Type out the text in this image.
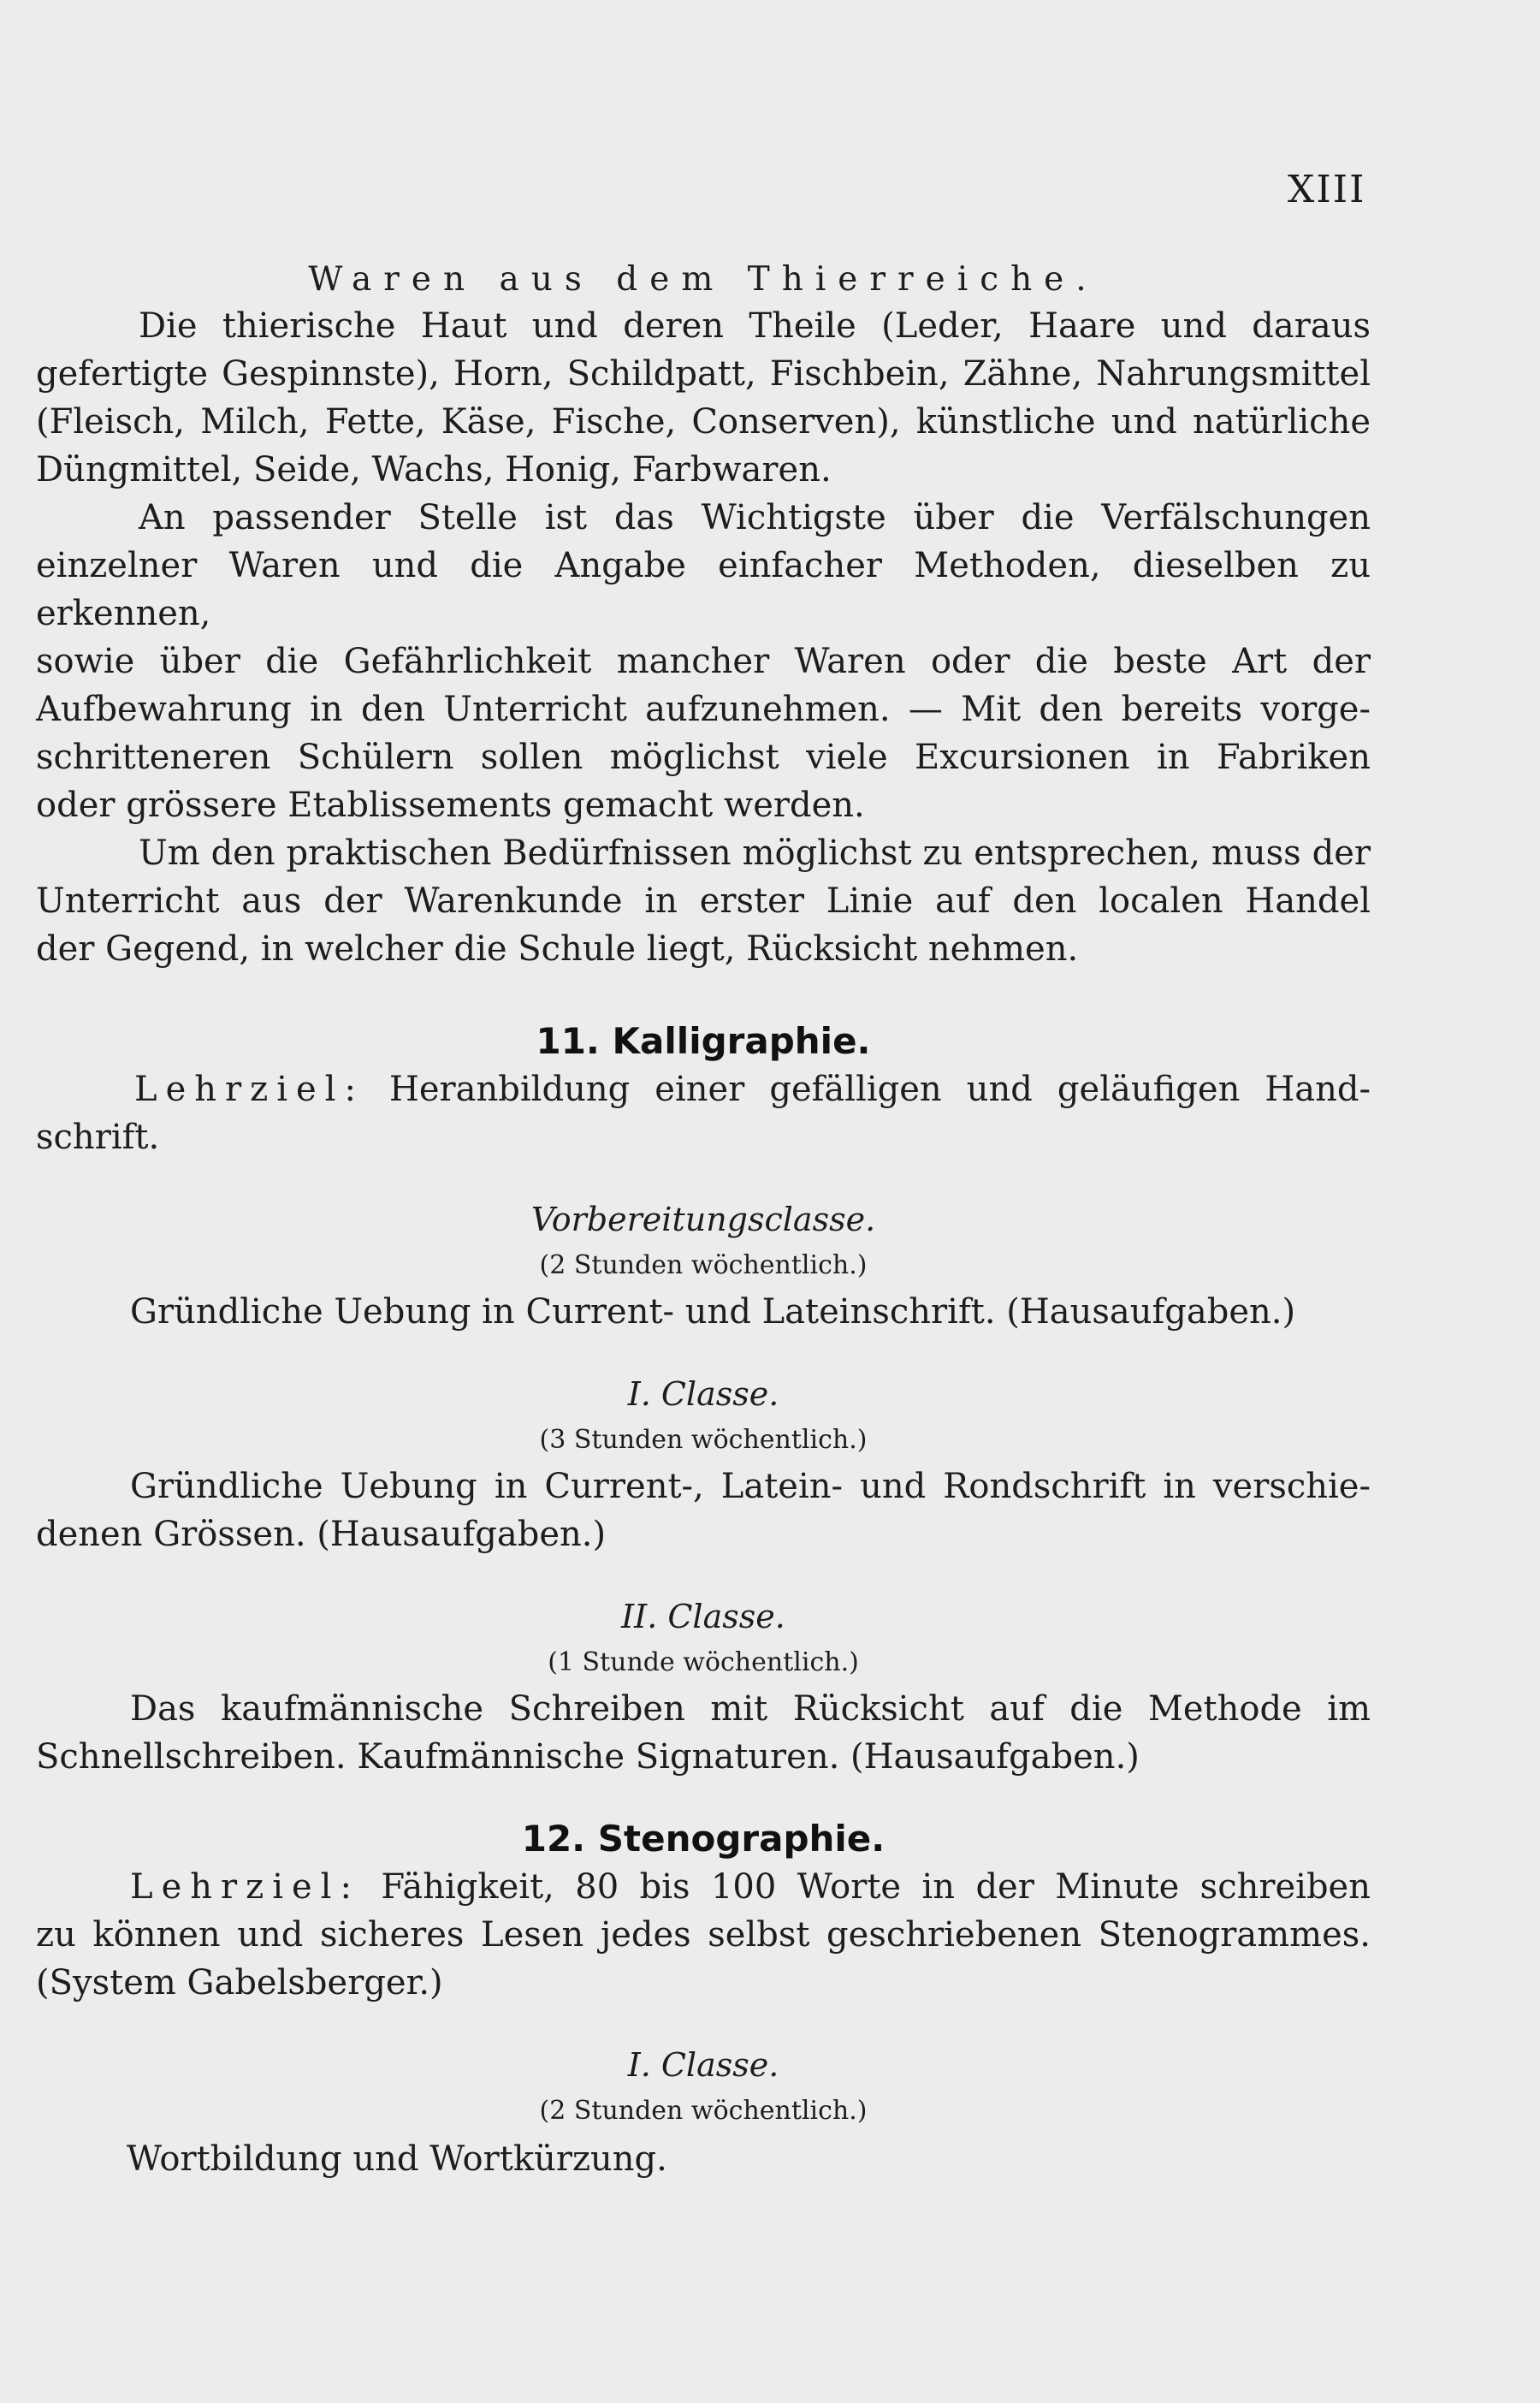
XIII
Waren aus dem Thierreiche.
Die thierische Haut und deren Theile (Leder, Haare und daraus
gefertigte Gespinnste), Horn, Schildpatt, Fischbein, Zähne, Nahrungsmittel
(Fleisch, Milch, Fette, Käse, Fische, Conserven), künstliche und natürliche
Düngmittel, Seide, Wachs, Honig, Farbwaren.
An passender Stelle ist das Wichtigste über die Verfälschungen
einzelner Waren und die Angabe einfacher Methoden, dieselben zu erkennen,
sowie über die Gefährlichkeit mancher Waren oder die beste Art der
Aufbewahrung in den Unterricht aufzunehmen. — Mit den bereits vorge-
schritteneren Schülern sollen möglichst viele Excursionen in Fabriken
oder grössere Etablissements gemacht werden.
Um den praktischen Bedürfnissen möglichst zu entsprechen, muss der
Unterricht aus der Warenkunde in erster Linie auf den localen Handel
der Gegend, in welcher die Schule liegt, Rücksicht nehmen.
11. Kalligraphie.
Lehrziel: Heranbildung einer gefälligen und geläufigen Hand-
schrift.
Vorbereitungsclasse.
(2 Stunden wöchentlich.)
Gründliche Uebung in Current- und Lateinschrift. (Hausaufgaben.)
I. Classe.
(3 Stunden wöchentlich.)
Gründliche Uebung in Current-, Latein- und Rondschrift in verschie-
denen Grössen. (Hausaufgaben.)
II. Classe.
(1 Stunde wöchentlich.)
Das kaufmännische Schreiben mit Rücksicht auf die Methode im
Schnellschreiben. Kaufmännische Signaturen. (Hausaufgaben.)
12. Stenographie.
Lehrziel: Fähigkeit, 80 bis 100 Worte in der Minute schreiben
zu können und sicheres Lesen jedes selbst geschriebenen Stenogrammes.
(System Gabelsberger.)
I. Classe.
(2 Stunden wöchentlich.)
Wortbildung und Wortkürzung.
